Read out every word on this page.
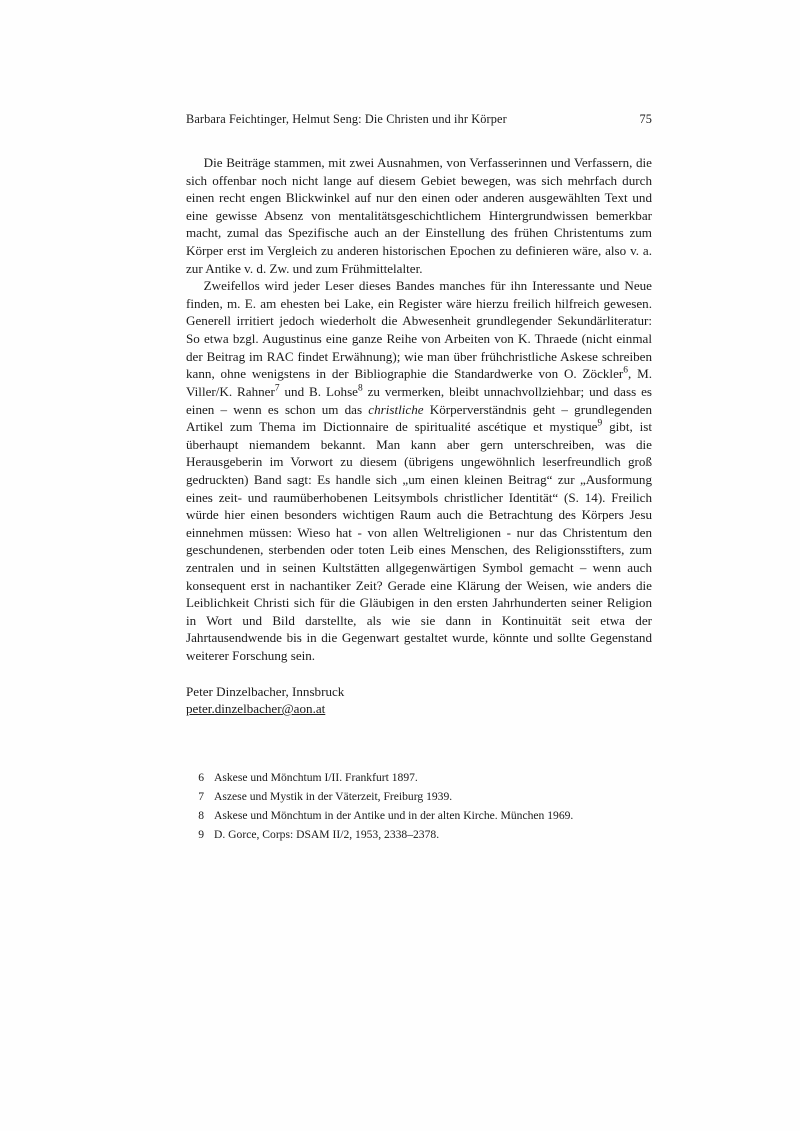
Barbara Feichtinger, Helmut Seng: Die Christen und ihr Körper	75

Die Beiträge stammen, mit zwei Ausnahmen, von Verfasserinnen und Verfassern, die sich offenbar noch nicht lange auf diesem Gebiet bewegen, was sich mehrfach durch einen recht engen Blickwinkel auf nur den einen oder anderen ausgewählten Text und eine gewisse Absenz von mentalitätsgeschichtlichem Hintergrundwissen bemerkbar macht, zumal das Spezifische auch an der Einstellung des frühen Christentums zum Körper erst im Vergleich zu anderen historischen Epochen zu definieren wäre, also v. a. zur Antike v. d. Zw. und zum Frühmittelalter.

Zweifellos wird jeder Leser dieses Bandes manches für ihn Interessante und Neue finden, m. E. am ehesten bei Lake, ein Register wäre hierzu freilich hilfreich gewesen. Generell irritiert jedoch wiederholt die Abwesenheit grundlegender Sekundärliteratur: So etwa bzgl. Augustinus eine ganze Reihe von Arbeiten von K. Thraede (nicht einmal der Beitrag im RAC findet Erwähnung); wie man über frühchristliche Askese schreiben kann, ohne wenigstens in der Bibliographie die Standardwerke von O. Zöckler$^6$, M. Viller/K. Rahner$^7$ und B. Lohse$^8$ zu vermerken, bleibt unnachvollziehbar; und dass es einen – wenn es schon um das christliche Körperverständnis geht – grundlegenden Artikel zum Thema im Dictionnaire de spiritualité ascétique et mystique$^9$ gibt, ist überhaupt niemandem bekannt. Man kann aber gern unterschreiben, was die Herausgeberin im Vorwort zu diesem (übrigens ungewöhnlich leserfreundlich groß gedruckten) Band sagt: Es handle sich „um einen kleinen Beitrag“ zur „Ausformung eines zeit- und raumüberhobenen Leitsymbols christlicher Identität“ (S. 14). Freilich würde hier einen besonders wichtigen Raum auch die Betrachtung des Körpers Jesu einnehmen müssen: Wieso hat - von allen Weltreligionen - nur das Christentum den geschundenen, sterbenden oder toten Leib eines Menschen, des Religionsstifters, zum zentralen und in seinen Kultstätten allgegenwärtigen Symbol gemacht – wenn auch konsequent erst in nachantiker Zeit? Gerade eine Klärung der Weisen, wie anders die Leiblichkeit Christi sich für die Gläubigen in den ersten Jahrhunderten seiner Religion in Wort und Bild darstellte, als wie sie dann in Kontinuität seit etwa der Jahrtausendwende bis in die Gegenwart gestaltet wurde, könnte und sollte Gegenstand weiterer Forschung sein.

Peter Dinzelbacher, Innsbruck
peter.dinzelbacher@aon.at
6 Askese und Mönchtum I/II. Frankfurt 1897.
7 Aszese und Mystik in der Väterzeit, Freiburg 1939.
8 Askese und Mönchtum in der Antike und in der alten Kirche. München 1969.
9 D. Gorce, Corps: DSAM II/2, 1953, 2338–2378.
